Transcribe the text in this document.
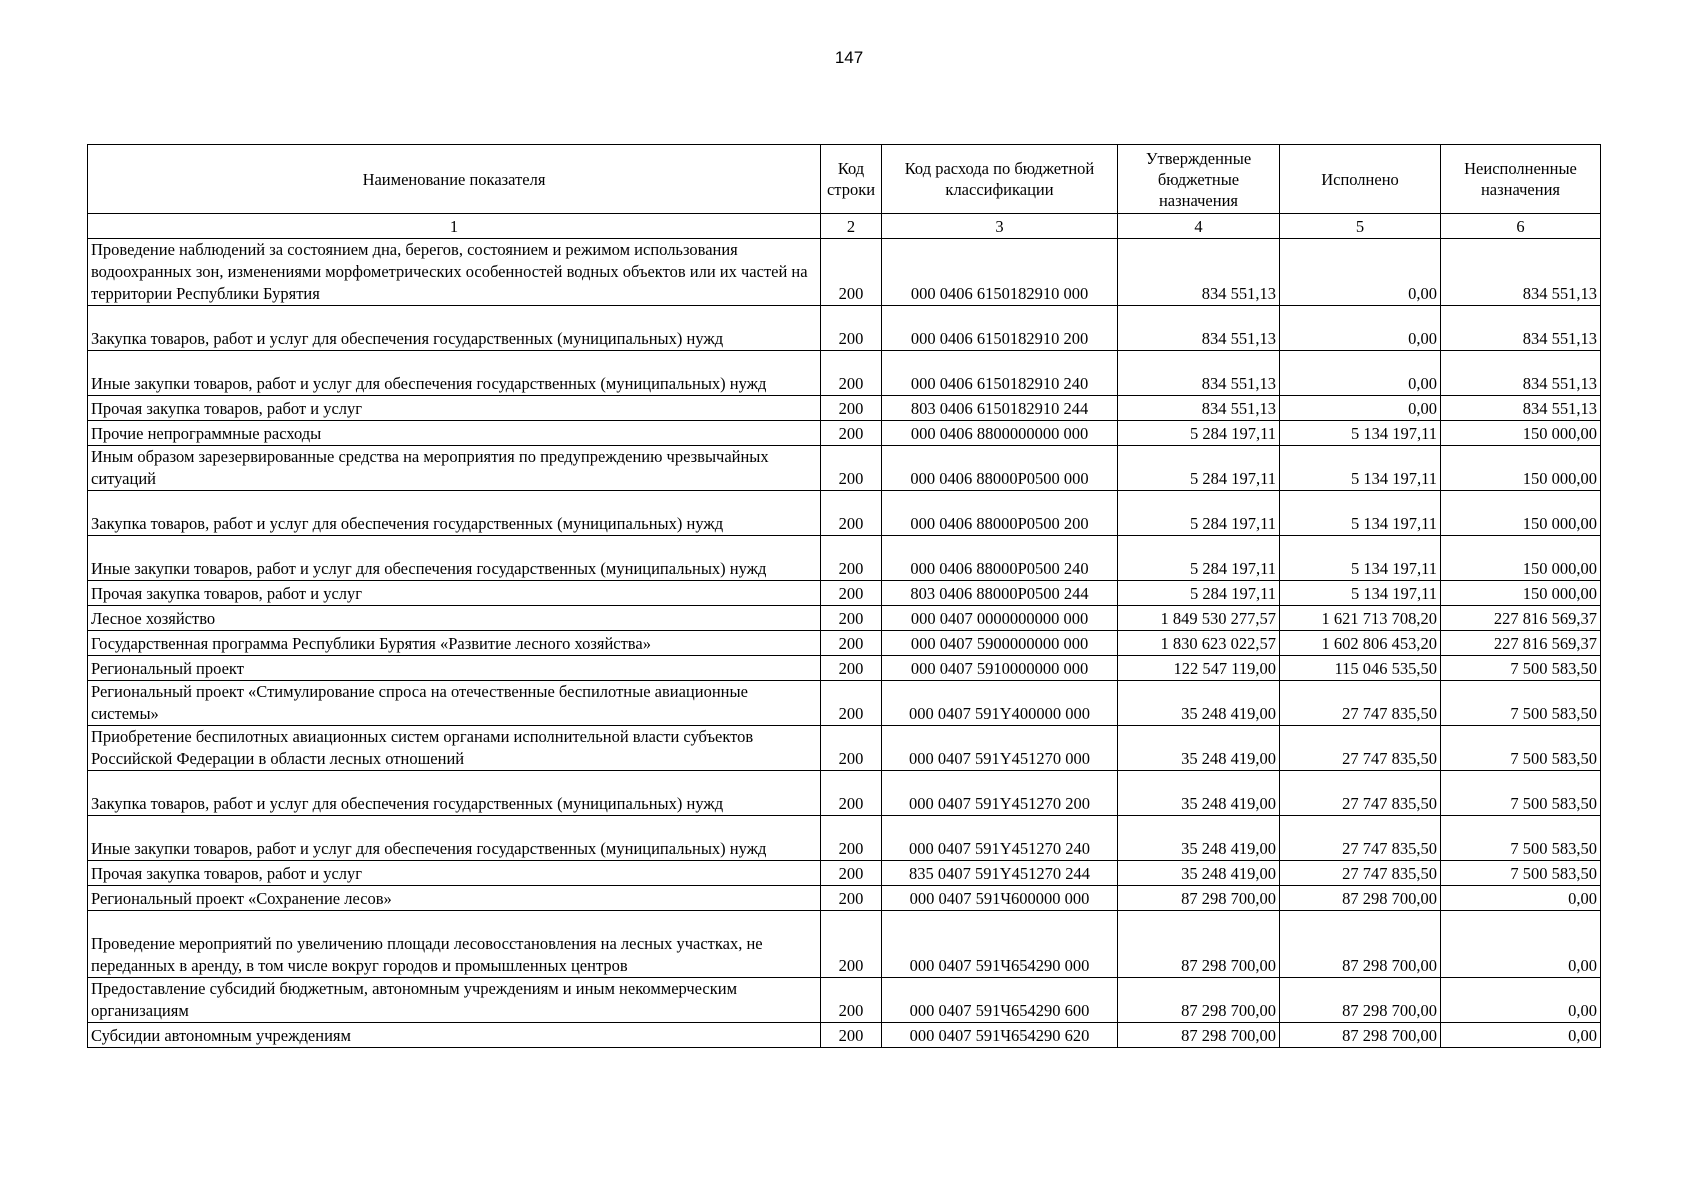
147
Наименование показателя	Код строки	Код расхода по бюджетной классификации	Утвержденные бюджетные назначения	Исполнено	Неисполненные назначения
1	2	3	4	5	6
Проведение наблюдений за состоянием дна, берегов, состоянием и режимом использования водоохранных зон, изменениями морфометрических особенностей водных объектов или их частей на территории Республики Бурятия	200	000 0406 6150182910 000	834 551,13	0,00	834 551,13
Закупка товаров, работ и услуг для обеспечения государственных (муниципальных) нужд	200	000 0406 6150182910 200	834 551,13	0,00	834 551,13
Иные закупки товаров, работ и услуг для обеспечения государственных (муниципальных) нужд	200	000 0406 6150182910 240	834 551,13	0,00	834 551,13
Прочая закупка товаров, работ и услуг	200	803 0406 6150182910 244	834 551,13	0,00	834 551,13
Прочие непрограммные расходы	200	000 0406 8800000000 000	5 284 197,11	5 134 197,11	150 000,00
Иным образом зарезервированные средства на мероприятия по предупреждению чрезвычайных ситуаций	200	000 0406 88000P0500 000	5 284 197,11	5 134 197,11	150 000,00
Закупка товаров, работ и услуг для обеспечения государственных (муниципальных) нужд	200	000 0406 88000P0500 200	5 284 197,11	5 134 197,11	150 000,00
Иные закупки товаров, работ и услуг для обеспечения государственных (муниципальных) нужд	200	000 0406 88000P0500 240	5 284 197,11	5 134 197,11	150 000,00
Прочая закупка товаров, работ и услуг	200	803 0406 88000P0500 244	5 284 197,11	5 134 197,11	150 000,00
Лесное хозяйство	200	000 0407 0000000000 000	1 849 530 277,57	1 621 713 708,20	227 816 569,37
Государственная программа Республики Бурятия «Развитие лесного хозяйства»	200	000 0407 5900000000 000	1 830 623 022,57	1 602 806 453,20	227 816 569,37
Региональный проект	200	000 0407 5910000000 000	122 547 119,00	115 046 535,50	7 500 583,50
Региональный проект «Стимулирование спроса на отечественные беспилотные авиационные системы»	200	000 0407 591Y400000 000	35 248 419,00	27 747 835,50	7 500 583,50
Приобретение беспилотных авиационных систем органами исполнительной власти субъектов Российской Федерации в области лесных отношений	200	000 0407 591Y451270 000	35 248 419,00	27 747 835,50	7 500 583,50
Закупка товаров, работ и услуг для обеспечения государственных (муниципальных) нужд	200	000 0407 591Y451270 200	35 248 419,00	27 747 835,50	7 500 583,50
Иные закупки товаров, работ и услуг для обеспечения государственных (муниципальных) нужд	200	000 0407 591Y451270 240	35 248 419,00	27 747 835,50	7 500 583,50
Прочая закупка товаров, работ и услуг	200	835 0407 591Y451270 244	35 248 419,00	27 747 835,50	7 500 583,50
Региональный проект «Сохранение лесов»	200	000 0407 591Ч600000 000	87 298 700,00	87 298 700,00	0,00
Проведение мероприятий по увеличению площади лесовосстановления на лесных участках, не переданных в аренду, в том числе вокруг городов и промышленных центров	200	000 0407 591Ч654290 000	87 298 700,00	87 298 700,00	0,00
Предоставление субсидий бюджетным, автономным учреждениям и иным некоммерческим организациям	200	000 0407 591Ч654290 600	87 298 700,00	87 298 700,00	0,00
Субсидии автономным учреждениям	200	000 0407 591Ч654290 620	87 298 700,00	87 298 700,00	0,00
